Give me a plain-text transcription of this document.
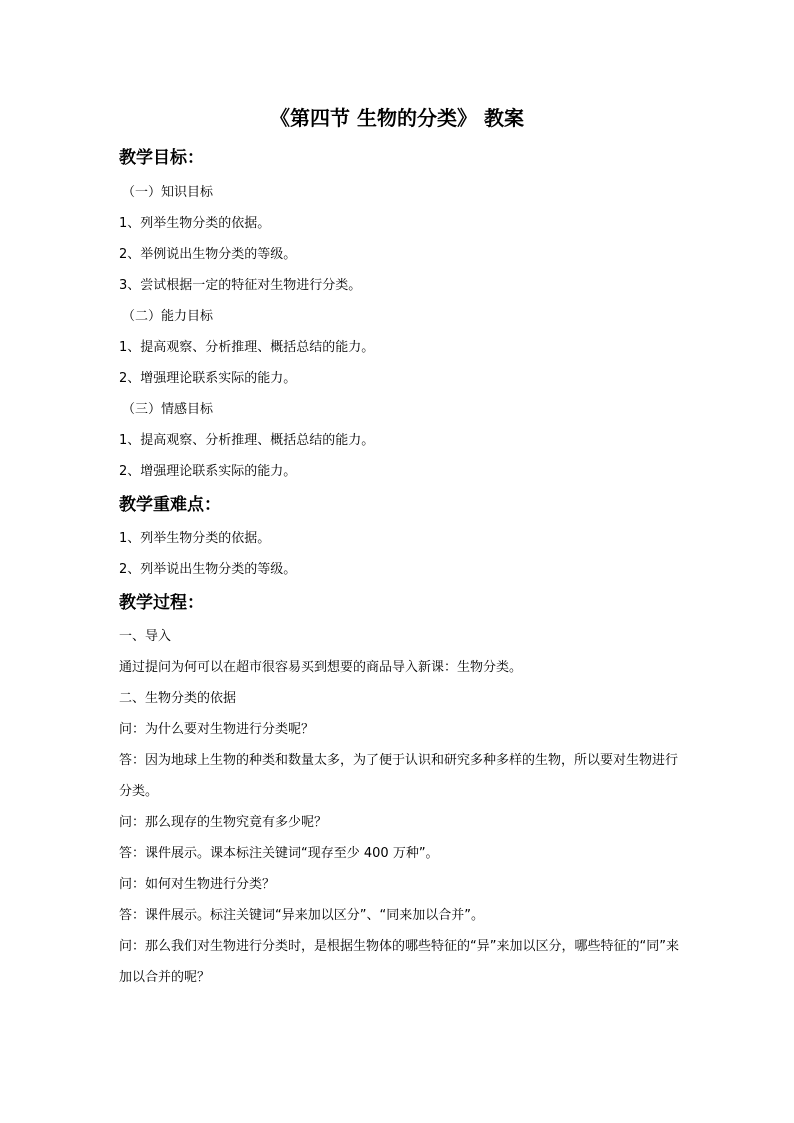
《第四节 生物的分类》 教案
教学目标：
（一）知识目标
1、列举生物分类的依据。
2、举例说出生物分类的等级。
3、尝试根据一定的特征对生物进行分类。
（二）能力目标
1、提高观察、分析推理、概括总结的能力。
2、增强理论联系实际的能力。
（三）情感目标
1、提高观察、分析推理、概括总结的能力。
2、增强理论联系实际的能力。
教学重难点：
1、列举生物分类的依据。
2、列举说出生物分类的等级。
教学过程：
一、导入
通过提问为何可以在超市很容易买到想要的商品导入新课：生物分类。
二、生物分类的依据
问：为什么要对生物进行分类呢？
答：因为地球上生物的种类和数量太多，为了便于认识和研究多种多样的生物，所以要对生物进行分类。
问：那么现存的生物究竟有多少呢？
答：课件展示。课本标注关键词“现存至少 400 万种”。
问：如何对生物进行分类？
答：课件展示。标注关键词“异来加以区分”、“同来加以合并”。
问：那么我们对生物进行分类时，是根据生物体的哪些特征的“异”来加以区分，哪些特征的“同”来加以合并的呢？
